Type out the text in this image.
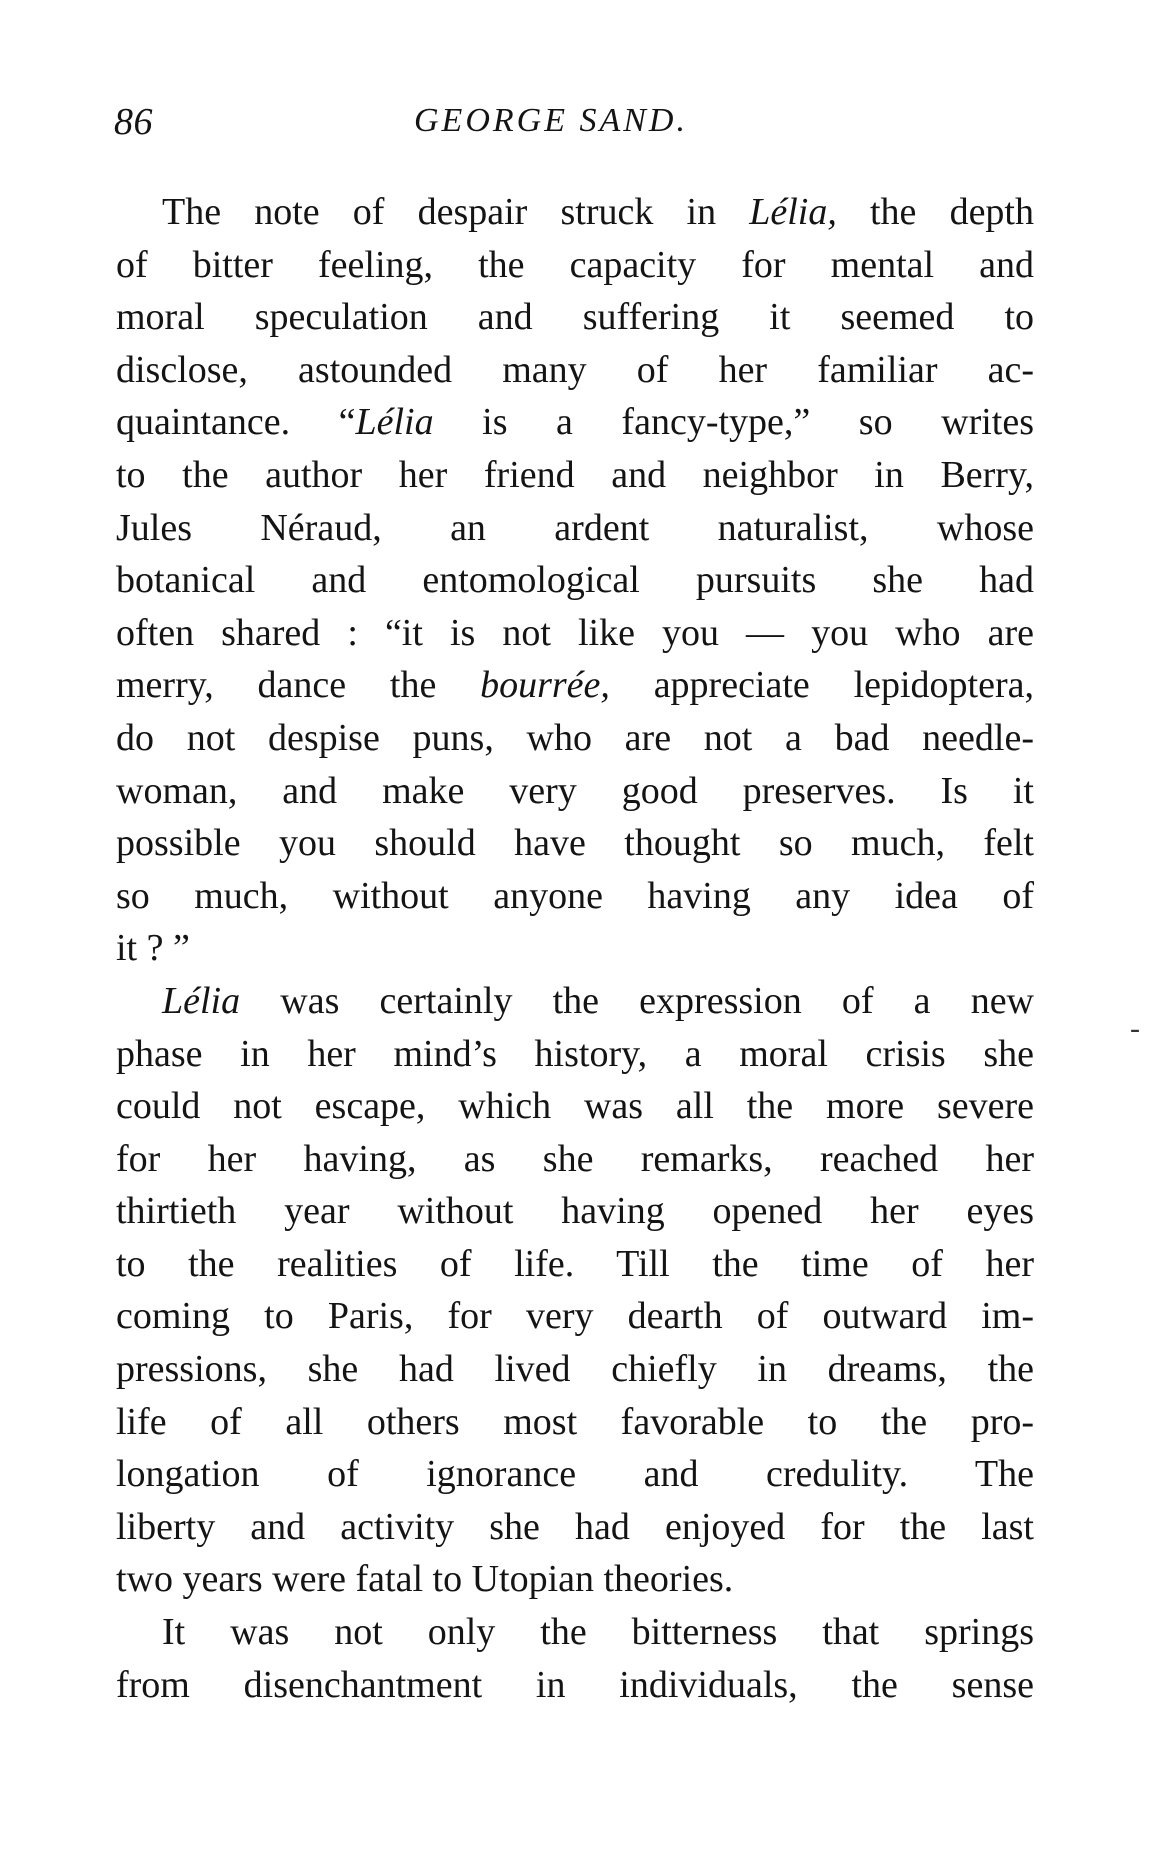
86	GEORGE SAND.
-
The note of despair struck in Lélia, the depth
of bitter feeling, the capacity for mental and
moral speculation and suffering it seemed to
disclose, astounded many of her familiar ac-
quaintance. “Lélia is a fancy-type,” so writes
to the author her friend and neighbor in Berry,
Jules Néraud, an ardent naturalist, whose
botanical and entomological pursuits she had
often shared : “it is not like you — you who are
merry, dance the bourrée, appreciate lepidoptera,
do not despise puns, who are not a bad needle-
woman, and make very good preserves. Is it
possible you should have thought so much, felt
so much, without anyone having any idea of
it ? ”
Lélia was certainly the expression of a new
phase in her mind’s history, a moral crisis she
could not escape, which was all the more severe
for her having, as she remarks, reached her
thirtieth year without having opened her eyes
to the realities of life. Till the time of her
coming to Paris, for very dearth of outward im-
pressions, she had lived chiefly in dreams, the
life of all others most favorable to the pro-
longation of ignorance and credulity. The
liberty and activity she had enjoyed for the last
two years were fatal to Utopian theories.
It was not only the bitterness that springs
from disenchantment in individuals, the sense
